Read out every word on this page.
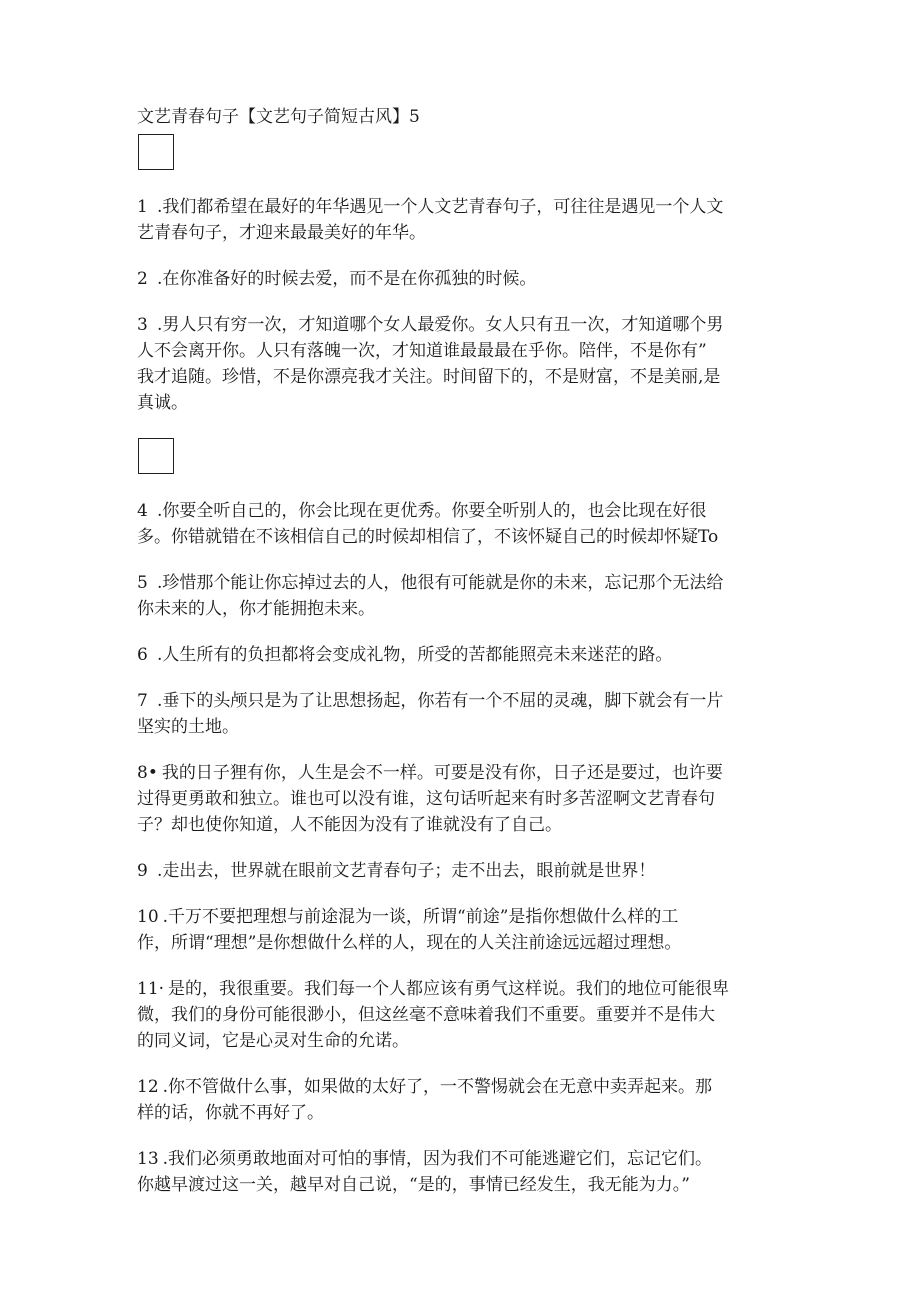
文艺青春句子【文艺句子简短古风】5

1 .我们都希望在最好的年华遇见一个人文艺青春句子，可往往是遇见一个人文
艺青春句子，才迎来最最美好的年华。

2 .在你准备好的时候去爱，而不是在你孤独的时候。

3 .男人只有穷一次，才知道哪个女人最爱你。女人只有丑一次，才知道哪个男
人不会离开你。人只有落魄一次，才知道谁最最最在乎你。陪伴，不是你有”
我才追随。珍惜，不是你漂亮我才关注。时间留下的，不是财富，不是美丽,是
真诚。

4 .你要全听自己的，你会比现在更优秀。你要全听别人的，也会比现在好很
多。你错就错在不该相信自己的时候却相信了，不该怀疑自己的时候却怀疑To

5 .珍惜那个能让你忘掉过去的人，他很有可能就是你的未来，忘记那个无法给
你未来的人，你才能拥抱未来。

6 .人生所有的负担都将会变成礼物，所受的苦都能照亮未来迷茫的路。

7 .垂下的头颅只是为了让思想扬起，你若有一个不屈的灵魂，脚下就会有一片
坚实的土地。

8• 我的日子狸有你，人生是会不一样。可要是没有你，日子还是要过，也许要
过得更勇敢和独立。谁也可以没有谁，这句话听起来有时多苦涩啊文艺青春句
子？却也使你知道，人不能因为没有了谁就没有了自己。

9 .走出去，世界就在眼前文艺青春句子；走不出去，眼前就是世界！

10 .千万不要把理想与前途混为一谈，所谓“前途”是指你想做什么样的工
作，所谓“理想”是你想做什么样的人，现在的人关注前途远远超过理想。

11· 是的，我很重要。我们每一个人都应该有勇气这样说。我们的地位可能很卑
微，我们的身份可能很渺小，但这丝毫不意味着我们不重要。重要并不是伟大
的同义词，它是心灵对生命的允诺。

12 .你不管做什么事，如果做的太好了，一不警惕就会在无意中卖弄起来。那
样的话，你就不再好了。

13 .我们必须勇敢地面对可怕的事情，因为我们不可能逃避它们，忘记它们。
你越早渡过这一关，越早对自己说，“是的，事情已经发生，我无能为力。”
